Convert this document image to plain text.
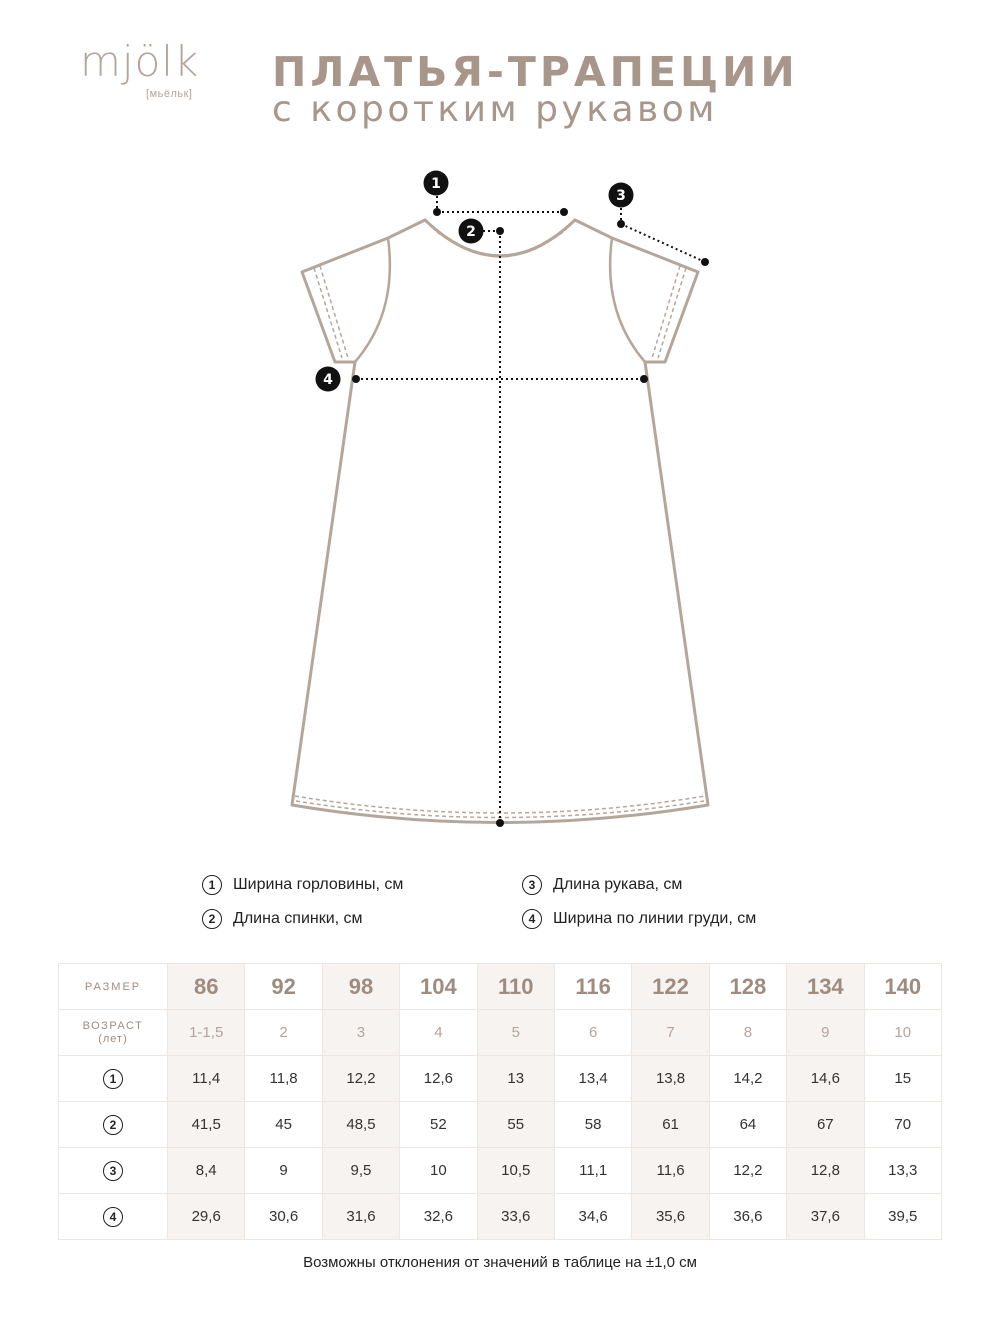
mjölk
[мьёльк] ПЛАТЬЯ-ТРАПЕЦИИ
с коротким рукавом
1
2
3
4
1	Ширина горловины, см
2	Длина спинки, см
3	Длина рукава, см
4	Ширина по линии груди, см
РАЗМЕР	86	92	98	104	110	116	122	128	134	140

ВОЗРАСТ
(лет)	1-1,5	2	3	4	5	6	7	8	9	10
1	11,4	11,8	12,2	12,6	13	13,4	13,8	14,2	14,6	15
2	41,5	45	48,5	52	55	58	61	64	67	70
3	8,4	9	9,5	10	10,5	11,1	11,6	12,2	12,8	13,3
4	29,6	30,6	31,6	32,6	33,6	34,6	35,6	36,6	37,6	39,5
Возможны отклонения от значений в таблице на ±1,0 см
